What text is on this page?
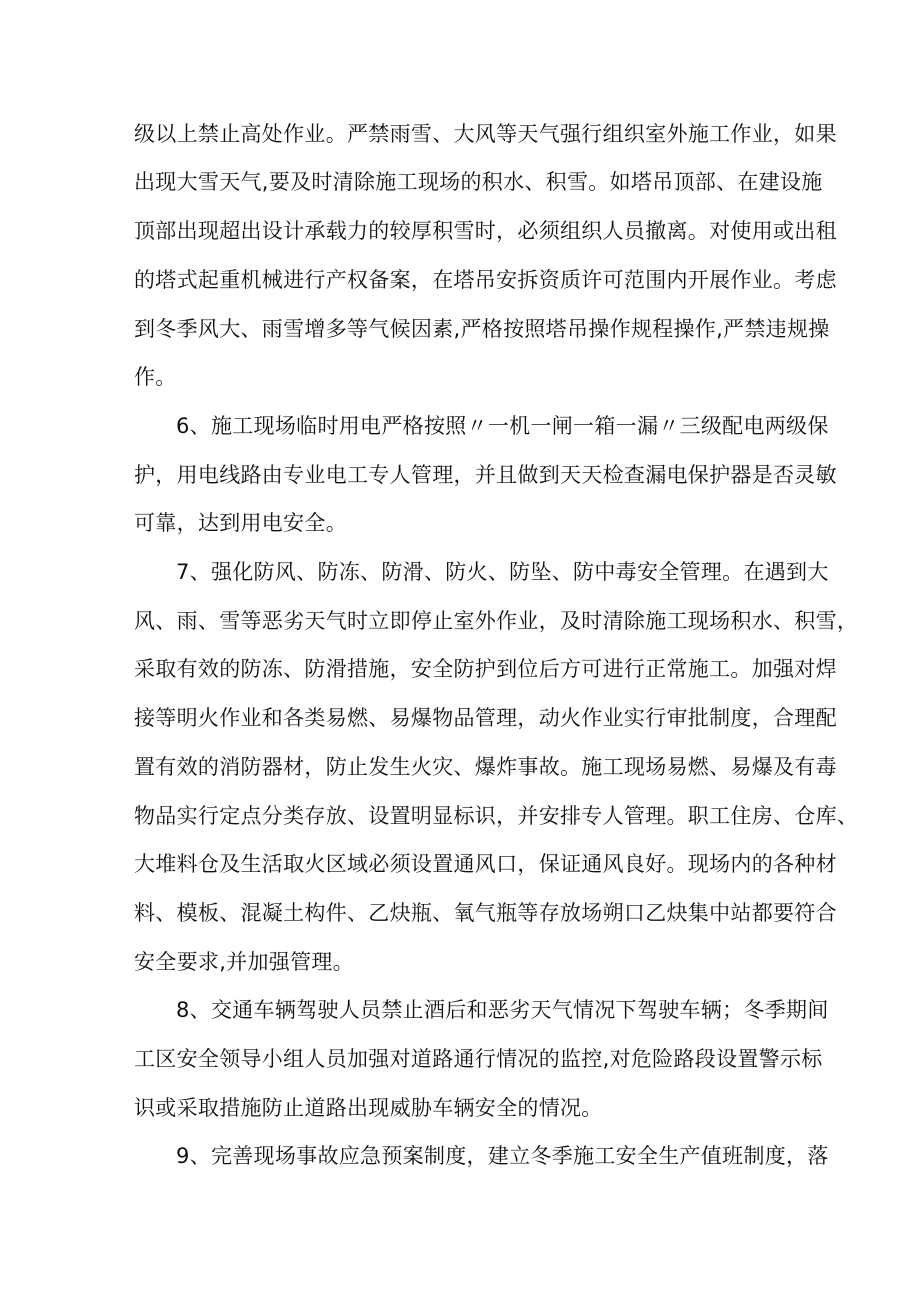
级以上禁止高处作业。严禁雨雪、大风等天气强行组织室外施工作业，如果
出现大雪天气,要及时清除施工现场的积水、积雪。如塔吊顶部、在建设施
顶部出现超出设计承载力的较厚积雪时，必须组织人员撤离。对使用或出租
的塔式起重机械进行产权备案，在塔吊安拆资质许可范围内开展作业。考虑
到冬季风大、雨雪增多等气候因素,严格按照塔吊操作规程操作,严禁违规操
作。
6、施工现场临时用电严格按照〃一机一闸一箱一漏〃三级配电两级保
护，用电线路由专业电工专人管理，并且做到天天检查漏电保护器是否灵敏
可靠，达到用电安全。
7、强化防风、防冻、防滑、防火、防坠、防中毒安全管理。在遇到大
风、雨、雪等恶劣天气时立即停止室外作业，及时清除施工现场积水、积雪，
采取有效的防冻、防滑措施，安全防护到位后方可进行正常施工。加强对焊
接等明火作业和各类易燃、易爆物品管理，动火作业实行审批制度，合理配
置有效的消防器材，防止发生火灾、爆炸事故。施工现场易燃、易爆及有毒
物品实行定点分类存放、设置明显标识，并安排专人管理。职工住房、仓库、
大堆料仓及生活取火区域必须设置通风口，保证通风良好。现场内的各种材
料、模板、混凝土构件、乙炔瓶、氧气瓶等存放场朔口乙炔集中站都要符合
安全要求,并加强管理。
8、交通车辆驾驶人员禁止酒后和恶劣天气情况下驾驶车辆；冬季期间
工区安全领导小组人员加强对道路通行情况的监控,对危险路段设置警示标
识或采取措施防止道路出现威胁车辆安全的情况。
9、完善现场事故应急预案制度，建立冬季施工安全生产值班制度，落
